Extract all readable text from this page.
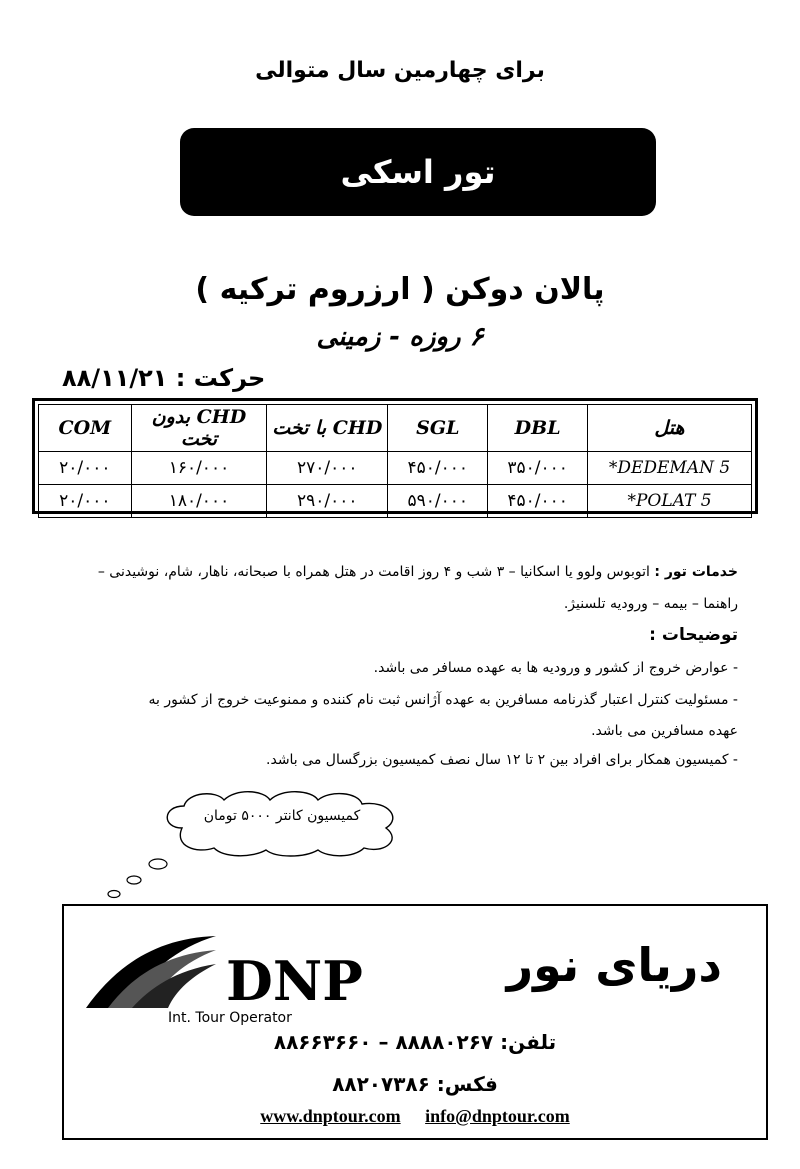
برای چهارمین سال متوالی
تور اسکی
پالان دوکن ( ارزروم ترکیه )
۶ روزه - زمینی
حرکت : ۸۸/۱۱/۲۱
هتل	DBL	SGL	CHD با تخت	CHD بدون تخت	COM
DEDEMAN 5*	۳۵۰/۰۰۰	۴۵۰/۰۰۰	۲۷۰/۰۰۰	۱۶۰/۰۰۰	۲۰/۰۰۰
POLAT 5*	۴۵۰/۰۰۰	۵۹۰/۰۰۰	۲۹۰/۰۰۰	۱۸۰/۰۰۰	۲۰/۰۰۰
خدمات تور : اتوبوس ولوو یا اسکانیا – ۳ شب و ۴ روز اقامت در هتل همراه با صبحانه، ناهار، شام، نوشیدنی –
راهنما – بیمه – ورودیه تلسنیژ.
توضیحات :
- عوارض خروج از کشور و ورودیه ها به عهده مسافر می باشد.
- مسئولیت کنترل اعتبار گذرنامه مسافرین به عهده آژانس ثبت نام کننده و ممنوعیت خروج از کشور به
عهده مسافرین می باشد.
- کمیسیون همکار برای افراد بین ۲ تا ۱۲ سال نصف کمیسیون بزرگسال می باشد.
کمیسیون کانتر ۵۰۰۰ تومان
DNP
Int. Tour Operator
دریای نور
تلفن: ۸۸۸۸۰۲۶۷ – ۸۸۶۶۳۶۶۰
فکس: ۸۸۲۰۷۳۸۶
www.dnptour.com info@dnptour.com
